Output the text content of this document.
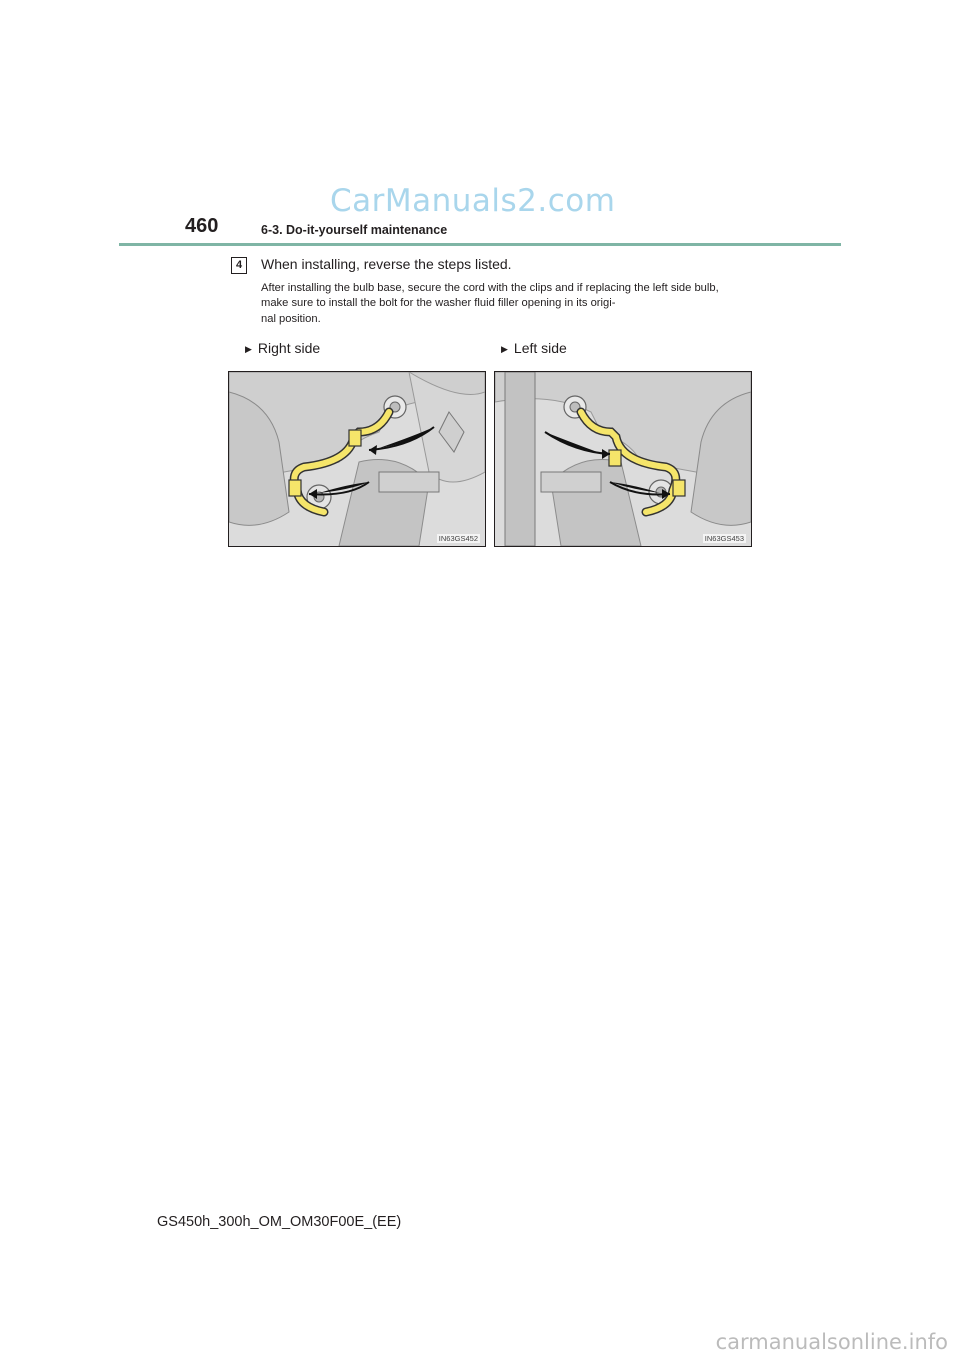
CarManuals2.com
460	6-3. Do-it-yourself maintenance
4	When installing, reverse the steps listed.
After installing the bulb base, secure the cord with the clips and if replacing the left side bulb, make sure to install the bolt for the washer fluid filler opening in its origi-
nal position.
▶ Right side	▶ Left side
IN63GS452	IN63GS453
GS450h_300h_OM_OM30F00E_(EE)
carmanualsonline.info
